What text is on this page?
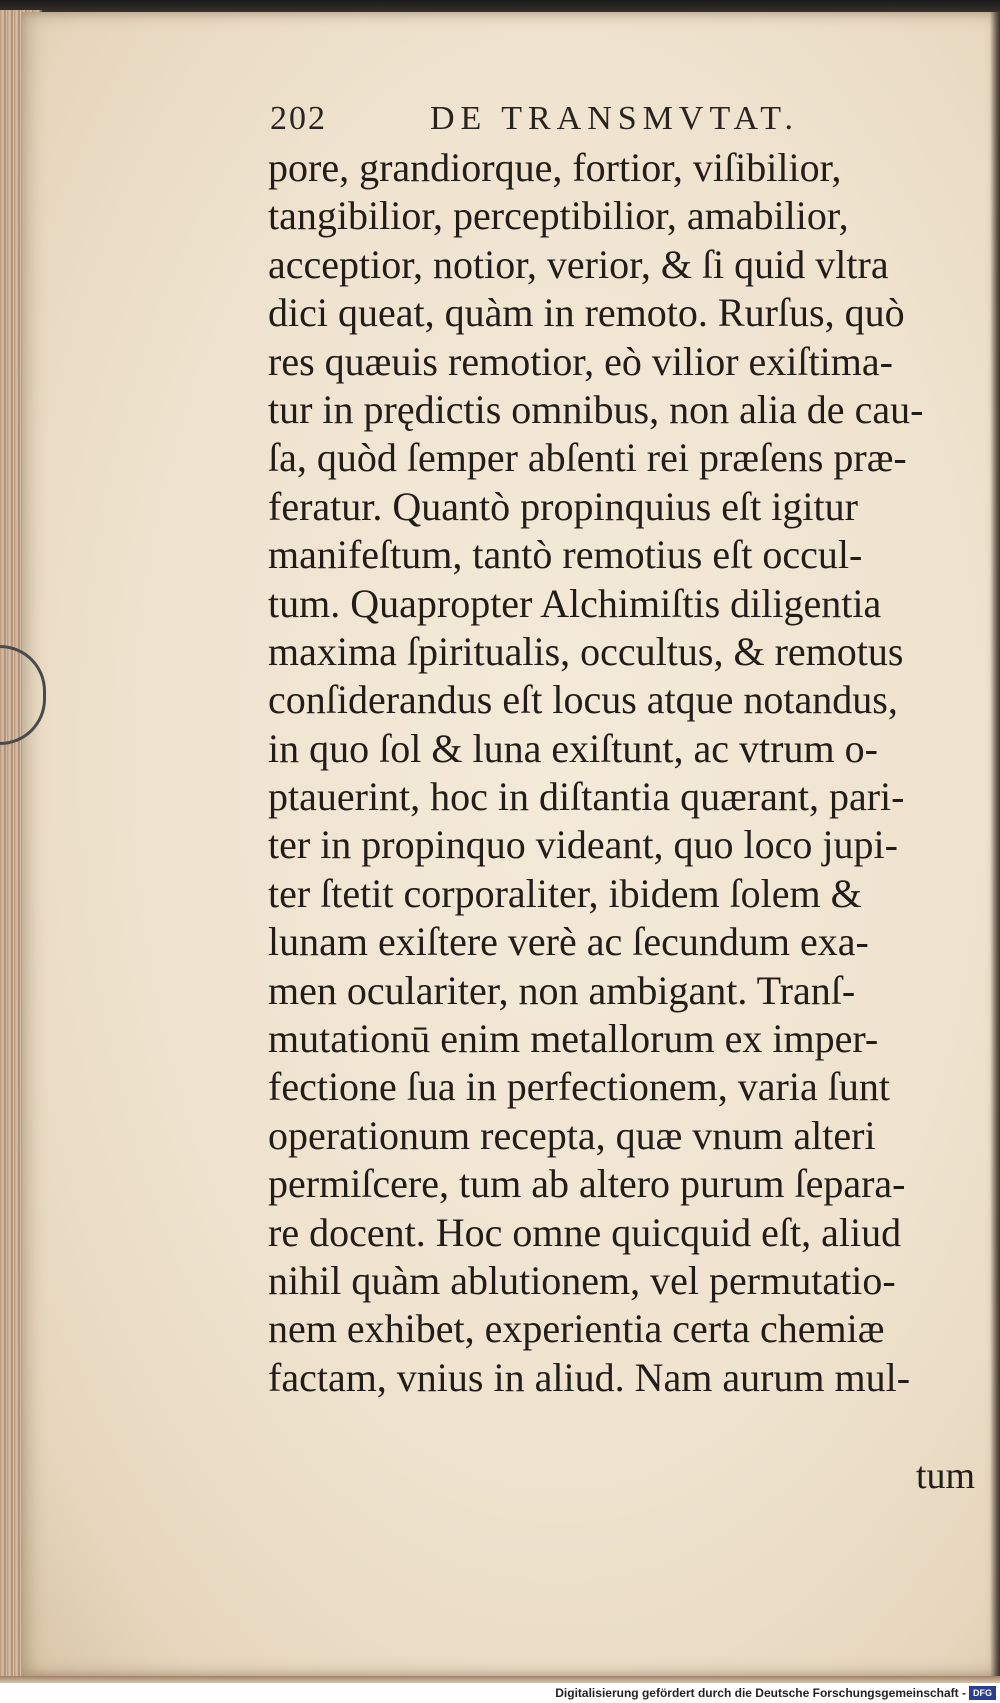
202	DE TRANSMVTAT.
pore, grandiorque, fortior, viſibilior,
tangibilior, perceptibilior, amabilior,
acceptior, notior, verior, & ſi quid vltra
dici queat, quàm in remoto. Rurſus, quò
res quæuis remotior, eò vilior exiſtima-
tur in prędictis omnibus, non alia de cau-
ſa, quòd ſemper abſenti rei præſens præ-
feratur. Quantò propinquius eſt igitur
manifeſtum, tantò remotius eſt occul-
tum. Quapropter Alchimiſtis diligentia
maxima ſpiritualis, occultus, & remotus
conſiderandus eſt locus atque notandus,
in quo ſol & luna exiſtunt, ac vtrum o-
ptauerint, hoc in diſtantia quærant, pari-
ter in propinquo videant, quo loco jupi-
ter ſtetit corporaliter, ibidem ſolem &
lunam exiſtere verè ac ſecundum exa-
men oculariter, non ambigant. Tranſ-
mutationū enim metallorum ex imper-
fectione ſua in perfectionem, varia ſunt
operationum recepta, quæ vnum alteri
permiſcere, tum ab altero purum ſepara-
re docent. Hoc omne quicquid eſt, aliud
nihil quàm ablutionem, vel permutatio-
nem exhibet, experientia certa chemiæ
factam, vnius in aliud. Nam aurum mul-
tum
Digitalisierung gefördert durch die Deutsche Forschungsgemeinschaft - DFG
